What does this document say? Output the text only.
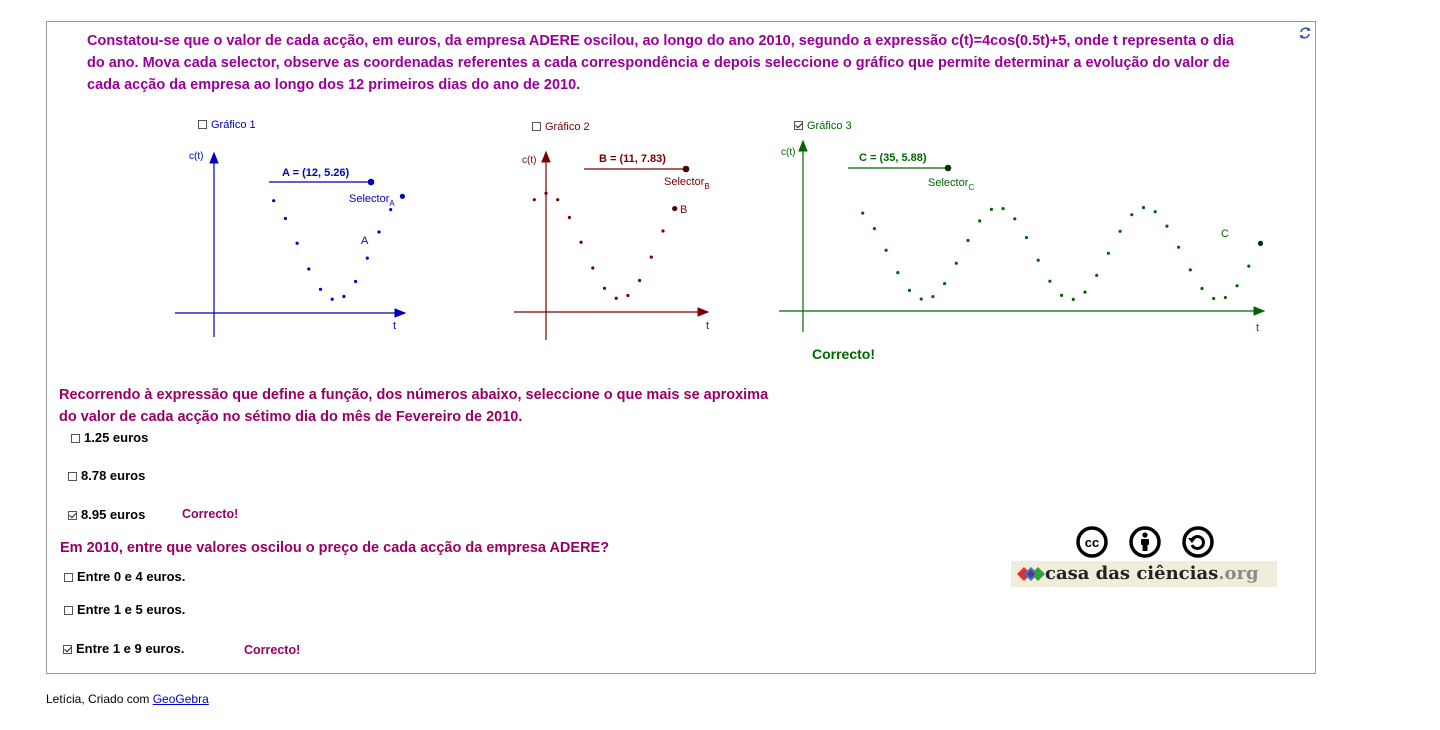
Constatou-se que o valor de cada acção, em euros, da empresa ADERE oscilou, ao longo do ano 2010, segundo a expressão c(t)=4cos(0.5t)+5, onde t representa o dia do ano. Mova cada selector, observe as coordenadas referentes a cada correspondência e depois seleccione o gráfico que permite determinar a evolução do valor de cada acção da empresa ao longo dos 12 primeiros dias do ano de 2010.
Gráfico 1	Gráfico 2	Gráfico 3
c(t)
t
A = (12, 5.26)
Selector$_A$
A
c(t)
t
B = (11, 7.83)
Selector$_B$
B
c(t)
t
C = (35, 5.88)
Selector$_C$
C
Correcto!
Recorrendo à expressão que define a função, dos números abaixo, seleccione o que mais se aproxima do valor de cada acção no sétimo dia do mês de Fevereiro de 2010.
1.25 euros
8.78 euros
8.95 euros	Correcto!
Em 2010, entre que valores oscilou o preço de cada acção da empresa ADERE?
Entre 0 e 4 euros.
Entre 1 e 5 euros.
Entre 1 e 9 euros.	Correcto!
cc
casa das ciências.org
Letícia, Criado com GeoGebra
